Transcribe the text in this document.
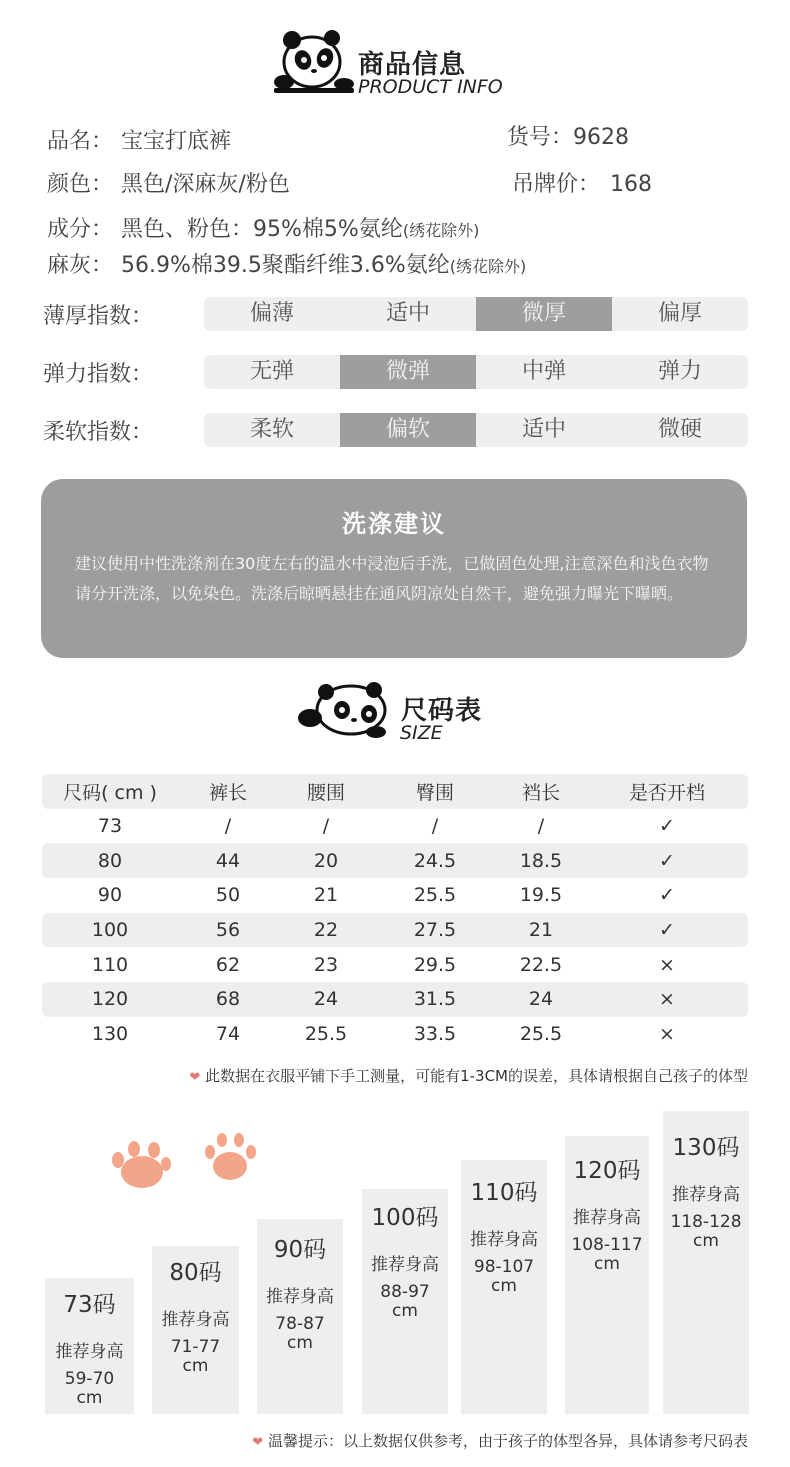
商品信息
PRODUCT INFO
品名： 宝宝打底裤	货号：9628
颜色： 黑色/深麻灰/粉色	吊牌价： 168
成分： 黑色、粉色：95%棉5%氨纶(绣花除外)
麻灰： 56.9%棉39.5聚酯纤维3.6%氨纶(绣花除外)
薄厚指数：	偏薄	适中	微厚	偏厚
弹力指数：	无弹	微弹	中弹	弹力
柔软指数：	柔软	偏软	适中	微硬
洗涤建议

建议使用中性洗涤剂在30度左右的温水中浸泡后手洗，已做固色处理,注意深色和浅色衣物请分开洗涤，以免染色。洗涤后晾晒悬挂在通风阴凉处自然干，避免强力曝光下曝晒。

尺码表
SIZE
尺码( cm )	裤长	腰围	臀围	裆长	是否开档
73	/	/	/	/	✓
80	44	20	24.5	18.5	✓
90	50	21	25.5	19.5	✓
100	56	22	27.5	21	✓
110	62	23	29.5	22.5	×
120	68	24	31.5	24	×
130	74	25.5	33.5	25.5	×
❤ 此数据在衣服平铺下手工测量，可能有1-3CM的误差，具体请根据自己孩子的体型
73码
推荐身高
59-70
cm
80码
推荐身高
71-77
cm
90码
推荐身高
78-87
cm
100码
推荐身高
88-97
cm
110码
推荐身高
98-107
cm
120码
推荐身高
108-117
cm
130码
推荐身高
118-128
cm
❤ 温馨提示：以上数据仅供参考，由于孩子的体型各异，具体请参考尺码表
